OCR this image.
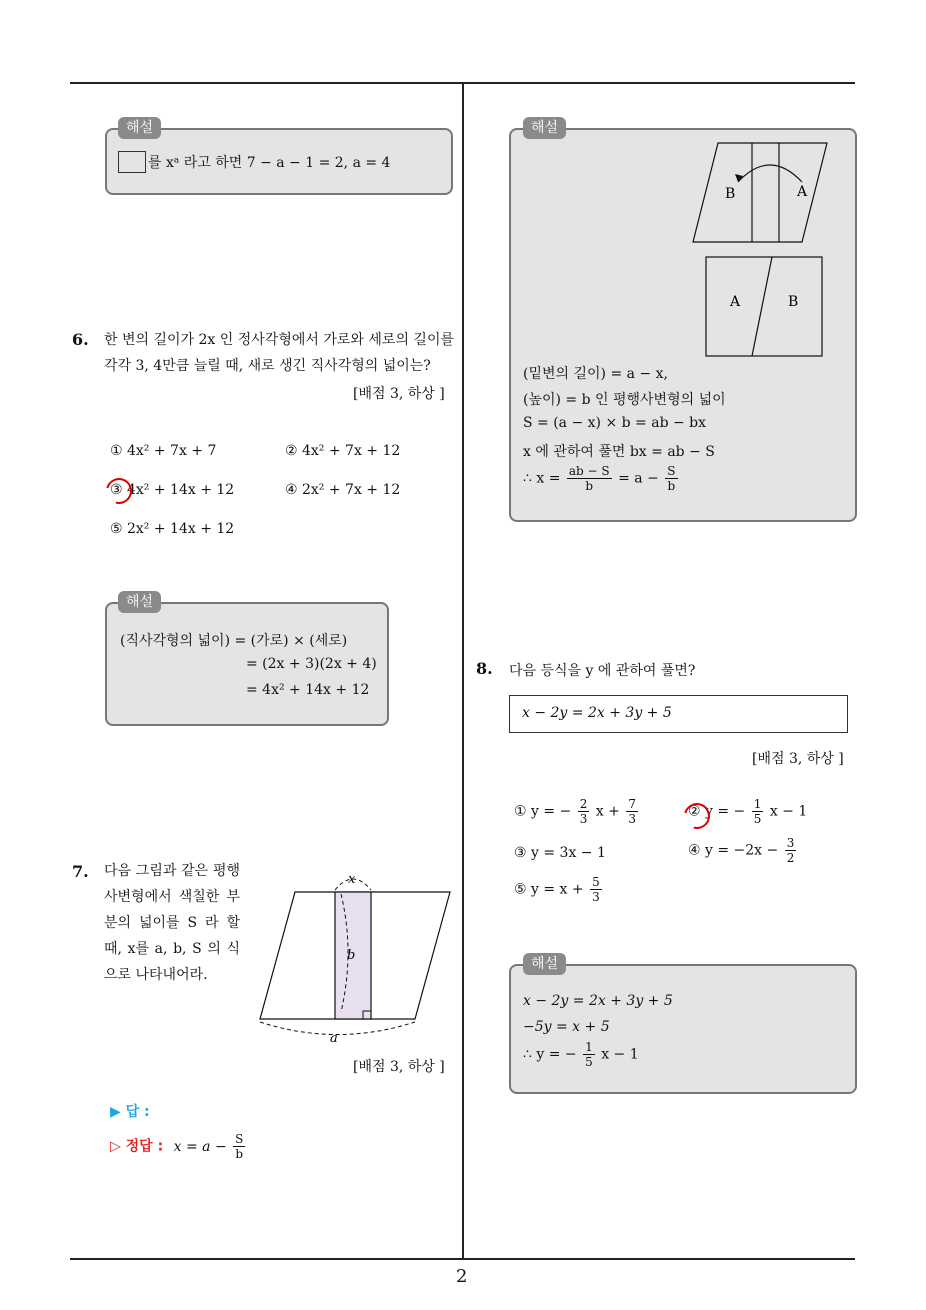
2
해설
를 xᵃ 라고 하면 7 − a − 1 = 2, a = 4
6. 한 변의 길이가 2x 인 정사각형에서 가로와 세로의 길이를 각각 3, 4만큼 늘릴 때, 새로 생긴 직사각형의 넓이는?
[배점 3, 하상 ]
① 4x² + 7x + 7	② 4x² + 7x + 12
③ 4x² + 14x + 12	④ 2x² + 7x + 12
⑤ 2x² + 14x + 12
해설
(직사각형의 넓이) = (가로) × (세로)
= (2x + 3)(2x + 4)
= 4x² + 14x + 12
7. 다음 그림과 같은 평행사변형에서 색칠한 부분의 넓이를 S 라 할 때, x를 a, b, S 의 식으로 나타내어라.
x
b
a
[배점 3, 하상 ]
▶ 답 :
▷ 정답 : $x = a - \frac{S}{b}$
해설
B	A
A	B
(밑변의 길이) = a − x,
(높이) = b 인 평행사변형의 넓이
S = (a − x) × b = ab − bx
x 에 관하여 풀면 bx = ab − S
∴ $x = \frac{ab - S}{b} = a - \frac{S}{b}$
8. 다음 등식을 y 에 관하여 풀면?
x − 2y = 2x + 3y + 5
[배점 3, 하상 ]
① y = − $\frac{2}{3}$ $x + \frac{7}{3}$	② y = − $\frac{1}{5}$ x − 1
③ y = 3x − 1	④ $y = -2x - \frac{3}{2}$
⑤ $y = x + \frac{5}{3}$
해설
x − 2y = 2x + 3y + 5
−5y = x + 5
∴ y = − $\frac{1}{5}$ x − 1
